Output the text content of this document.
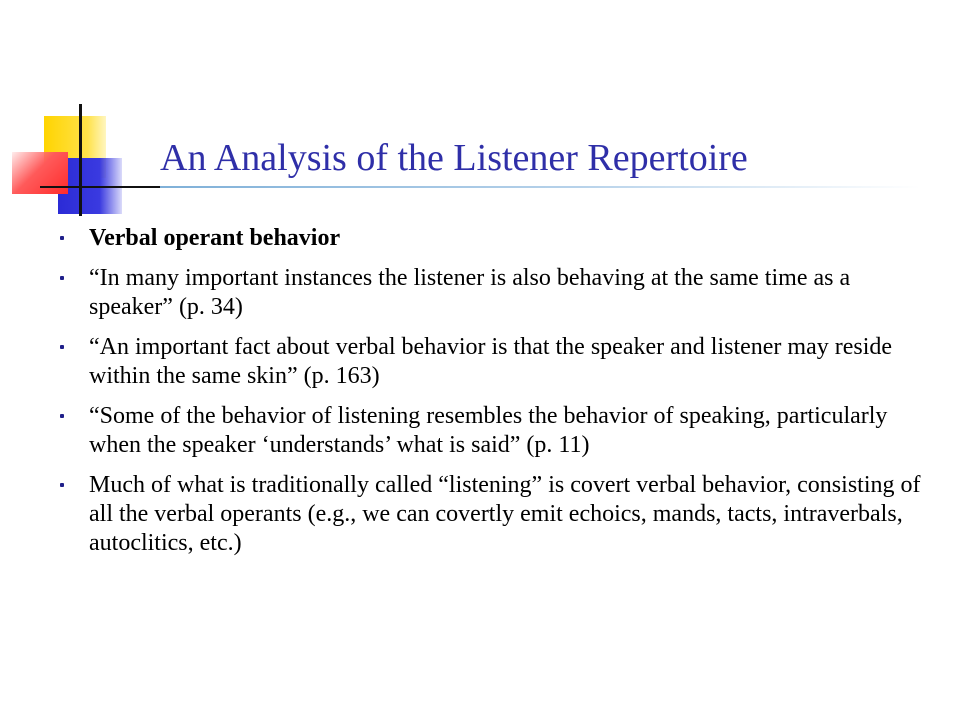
An Analysis of the Listener Repertoire
Verbal operant behavior
“In many important instances the listener is also behaving at the same time as a speaker” (p. 34)
“An important fact about verbal behavior is that the speaker and listener may reside within the same skin” (p. 163)
“Some of the behavior of listening resembles the behavior of speaking, particularly when the speaker ‘understands’ what is said” (p. 11)
Much of what is traditionally called “listening” is covert verbal behavior, consisting of all the verbal operants (e.g., we can covertly emit echoics, mands, tacts, intraverbals, autoclitics, etc.)
